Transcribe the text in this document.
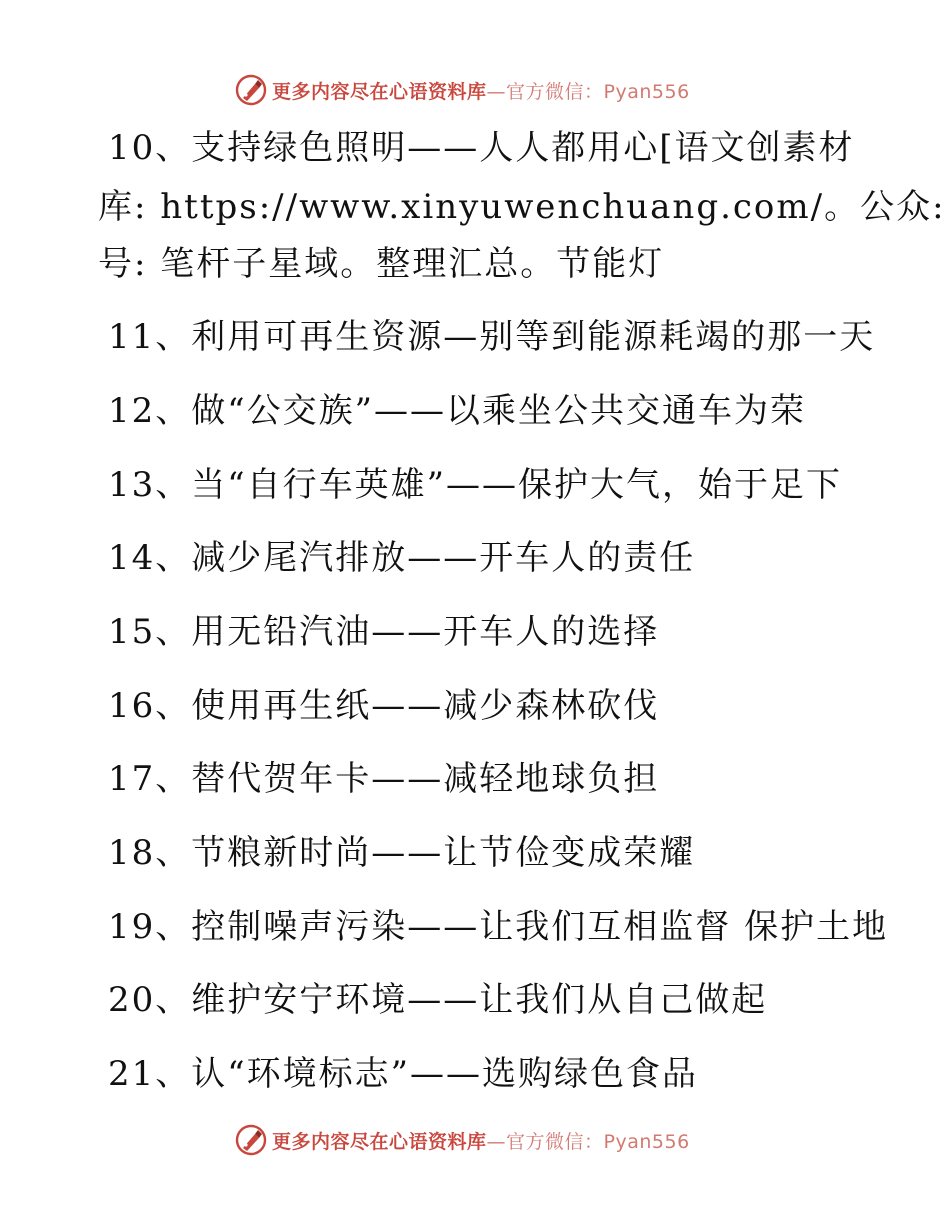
更多内容尽在心语资料库—官方微信：Pyan556
10、支持绿色照明——人人都用心[语文创素材
库: https://www.xinyuwenchuang.com/。公众:
号: 笔杆子星域。整理汇总。节能灯
11、利用可再生资源—别等到能源耗竭的那一天
12、做“公交族”——以乘坐公共交通车为荣
13、当“自行车英雄”——保护大气，始于足下
14、减少尾汽排放——开车人的责任
15、用无铅汽油——开车人的选择
16、使用再生纸——减少森林砍伐
17、替代贺年卡——减轻地球负担
18、节粮新时尚——让节俭变成荣耀
19、控制噪声污染——让我们互相监督 保护土地
20、维护安宁环境——让我们从自己做起
21、认“环境标志”——选购绿色食品
更多内容尽在心语资料库—官方微信：Pyan556
